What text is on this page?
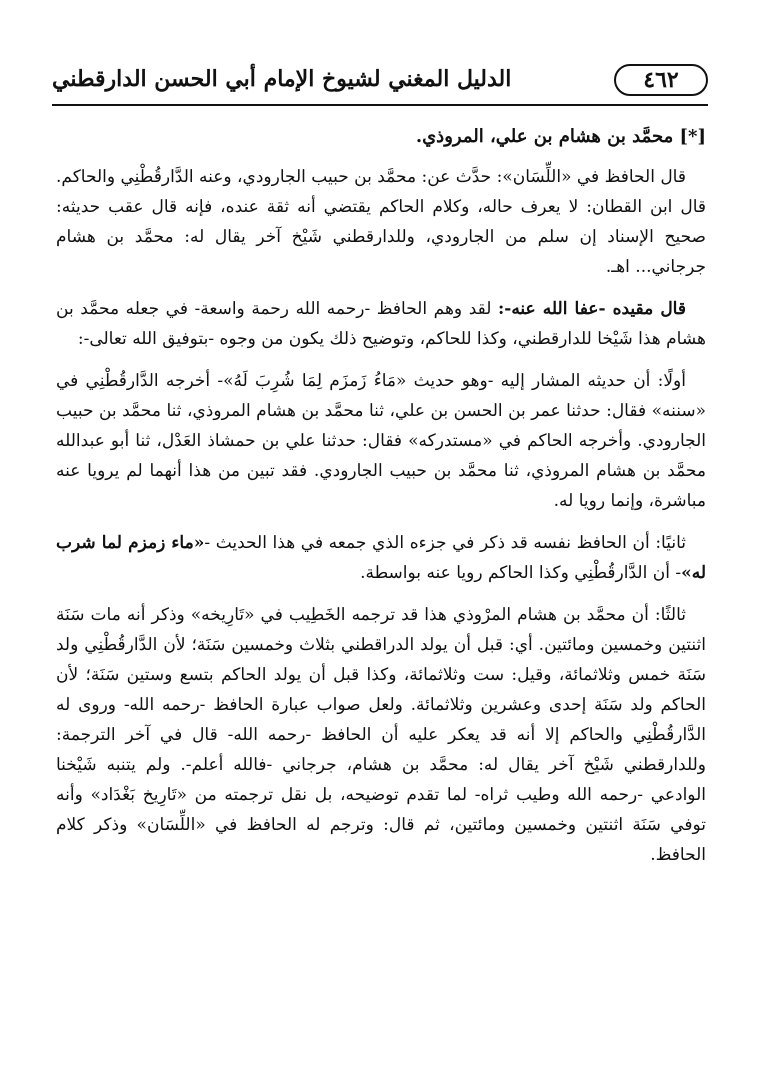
٤٦٢
الدليل المغني لشيوخ الإمام أبي الحسن الدارقطني

[*] محمَّد بن هشام بن علي، المروذي.

قال الحافظ في «اللِّسَان»: حدَّث عن: محمَّد بن حبيب الجارودي، وعنه الدَّارقُطْنِي والحاكم. قال ابن القطان: لا يعرف حاله، وكلام الحاكم يقتضي أنه ثقة عنده، فإنه قال عقب حديثه: صحيح الإسناد إن سلم من الجارودي، وللدارقطني شَيْخ آخر يقال له: محمَّد بن هشام جرجاني... اهـ.

قال مقيده -عفا الله عنه-: لقد وهم الحافظ -رحمه الله رحمة واسعة- في جعله محمَّد بن هشام هذا شَيْخا للدارقطني، وكذا للحاكم، وتوضيح ذلك يكون من وجوه -بتوفيق الله تعالى-:

أولًا: أن حديثه المشار إليه -وهو حديث «مَاءُ زَمزَم لِمَا شُرِبَ لَهُ»- أخرجه الدَّارقُطْنِي في «سننه» فقال: حدثنا عمر بن الحسن بن علي، ثنا محمَّد بن هشام المروذي، ثنا محمَّد بن حبيب الجارودي. وأخرجه الحاكم في «مستدركه» فقال: حدثنا علي بن حمشاذ العَدْل، ثنا أبو عبدالله محمَّد بن هشام المروذي، ثنا محمَّد بن حبيب الجارودي. فقد تبين من هذا أنهما لم يرويا عنه مباشرة، وإنما رويا له.

ثانيًا: أن الحافظ نفسه قد ذكر في جزءه الذي جمعه في هذا الحديث -«ماء زمزم لما شرب له»- أن الدَّارقُطْنِي وكذا الحاكم رويا عنه بواسطة.

ثالثًا: أن محمَّد بن هشام المرْوذي هذا قد ترجمه الخَطِيب في «تَارِيخه» وذكر أنه مات سَنَة اثنتين وخمسين ومائتين. أي: قبل أن يولد الدراقطني بثلاث وخمسين سَنَة؛ لأن الدَّارقُطْنِي ولد سَنَة خمس وثلاثمائة، وقيل: ست وثلاثمائة، وكذا قبل أن يولد الحاكم بتسع وستين سَنَة؛ لأن الحاكم ولد سَنَة إحدى وعشرين وثلاثمائة. ولعل صواب عبارة الحافظ -رحمه الله- وروى له الدَّارقُطْنِي والحاكم إلا أنه قد يعكر عليه أن الحافظ -رحمه الله- قال في آخر الترجمة: وللدارقطني شَيْخ آخر يقال له: محمَّد بن هشام، جرجاني -فالله أعلم-. ولم يتنبه شَيْخنا الوادعي -رحمه الله وطيب ثراه- لما تقدم توضيحه، بل نقل ترجمته من «تَارِيخ بَغْدَاد» وأنه توفي سَنَة اثنتين وخمسين ومائتين، ثم قال: وترجم له الحافظ في «اللِّسَان» وذكر كلام الحافظ.
